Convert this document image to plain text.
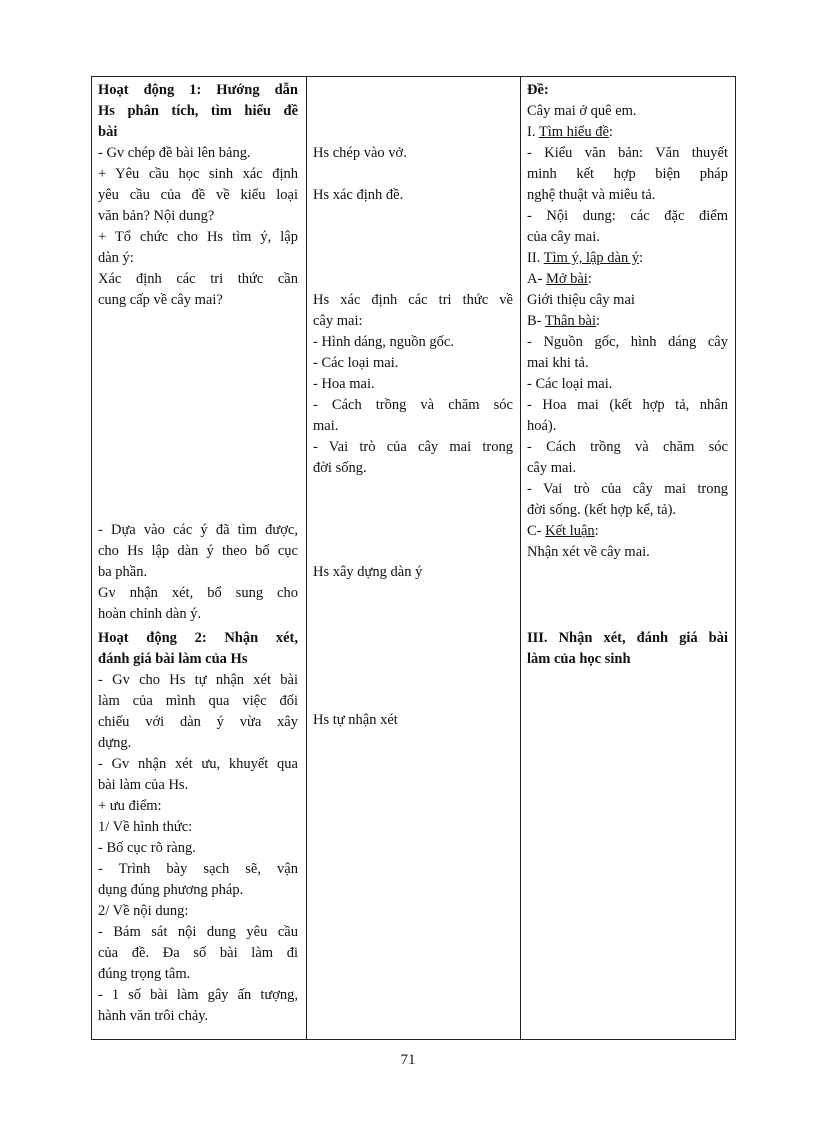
Hoạt động 1: Hướng dẫn
Hs phân tích, tìm hiểu đề
bài
- Gv chép đề bài lên bảng.
+ Yêu cầu học sinh xác định
yêu cầu của đề về kiểu loại
văn bản? Nội dung?
+ Tổ chức cho Hs tìm ý, lập
dàn ý:
Xác định các tri thức cần
cung cấp về cây mai?
- Dựa vào các ý đã tìm được,
cho Hs lập dàn ý theo bố cục
ba phần.
Gv nhận xét, bổ sung cho
hoàn chỉnh dàn ý.
Hoạt động 2: Nhận xét,
đánh giá bài làm của Hs
- Gv cho Hs tự nhận xét bài
làm của mình qua việc đối
chiếu với dàn ý vừa xây
dựng.
- Gv nhận xét ưu, khuyết qua
bài làm của Hs.
+ ưu điểm:
1/ Về hình thức:
- Bố cục rõ ràng.
- Trình bày sạch sẽ, vận
dụng đúng phương pháp.
2/ Về nội dung:
- Bám sát nội dung yêu cầu
của đề. Đa số bài làm đi
đúng trọng tâm.
- 1 số bài làm gây ấn tượng,
hành văn trôi chảy.
Hs chép vào vở.
Hs xác định đề.
Hs xác định các tri thức về
cây mai:
- Hình dáng, nguồn gốc.
- Các loại mai.
- Hoa mai.
- Cách trồng và chăm sóc
mai.
- Vai trò của cây mai trong
đời sống.
Hs xây dựng dàn ý
Hs tự nhận xét
Đề:
Cây mai ở quê em.
I. Tìm hiểu đề:
- Kiểu văn bản: Văn thuyết
minh kết hợp biện pháp
nghệ thuật và miêu tả.
- Nội dung: các đặc điểm
của cây mai.
II. Tìm ý, lập dàn ý:
A- Mở bài:
Giới thiệu cây mai
B- Thân bài:
- Nguồn gốc, hình dáng cây
mai khi tả.
- Các loại mai.
- Hoa mai (kết hợp tả, nhân
hoá).
- Cách trồng và chăm sóc
cây mai.
- Vai trò của cây mai trong
đời sống. (kết hợp kể, tả).
C- Kết luận:
Nhận xét về cây mai.
III. Nhận xét, đánh giá bài
làm của học sinh
71
